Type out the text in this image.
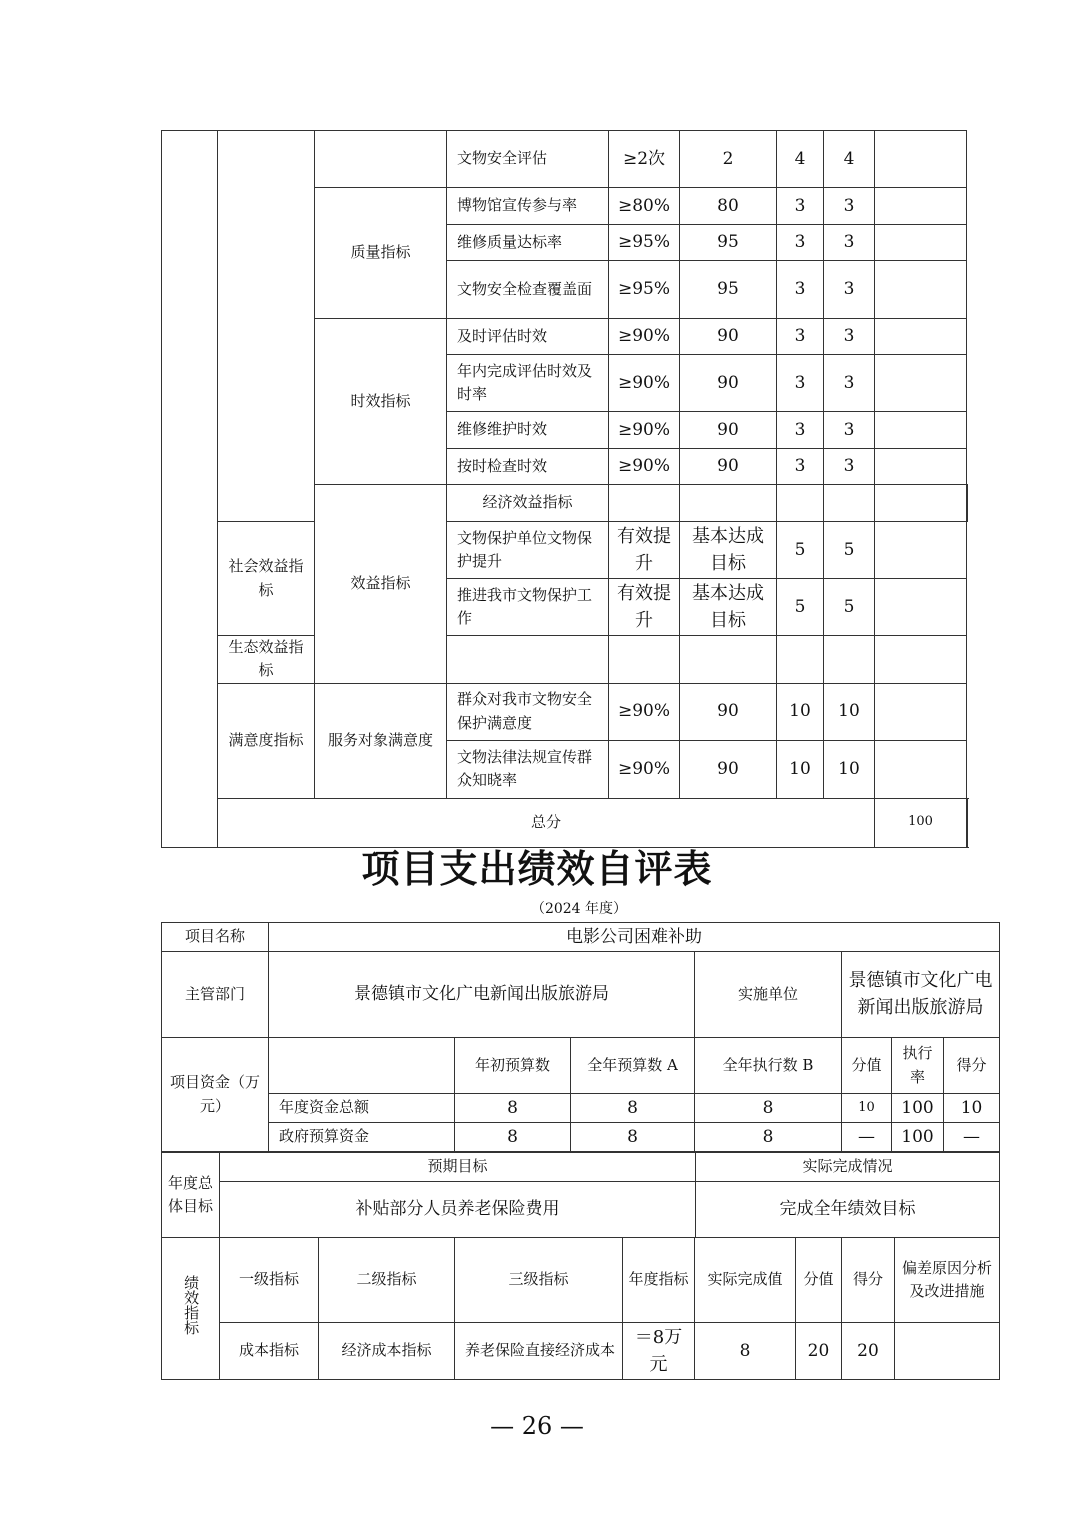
			文物安全评估	≥2次	2	4	4		
		质量指标	博物馆宣传参与率	≥80%	80	3	3		
			维修质量达标率	≥95%	95	3	3		
			文物安全检查覆盖面	≥95%	95	3	3		
		时效指标	及时评估时效	≥90%	90	3	3		
			年内完成评估时效及时率	≥90%	90	3	3		
			维修维护时效	≥90%	90	3	3		
			按时检查时效	≥90%	90	3	3		
		效益指标	经济效益指标						
	社会效益指标		文物保护单位文物保护提升	有效提升	基本达成目标	5	5		
			推进我市文物保护工作	有效提升	基本达成目标	5	5		
	生态效益指标								
	满意度指标	服务对象满意度	群众对我市文物安全保护满意度	≥90%	90	10	10		
			文物法律法规宣传群众知晓率	≥90%	90	10	10		
	总分							100		
项目支出绩效自评表
（2024 年度）
项目名称	电影公司困难补助						
主管部门	景德镇市文化广电新闻出版旅游局			实施单位	景德镇市文化广电新闻出版旅游局		
项目资金（万元）		年初预算数	全年预算数 A	全年执行数 B	分值	执行率	得分
	年度资金总额	8	8	8	10	100	10
	政府预算资金	8	8	8	—	100	—
年度总体目标	预期目标	实际完成情况
	补贴部分人员养老保险费用	完成全年绩效目标
绩效指标	一级指标	二级指标	三级指标	年度指标	实际完成值	分值	得分	偏差原因分析及改进措施
	成本指标	经济成本指标	养老保险直接经济成本	＝8万元	8	20	20	
— 26 —
